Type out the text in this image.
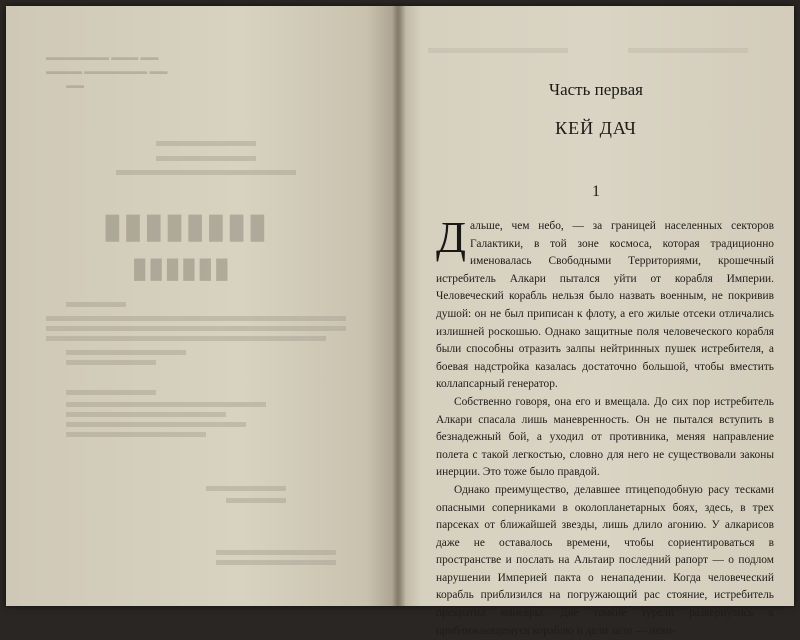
▬▬ ▬▬▬ ▬▬▬▬▬▬▬
▬▬ ▬▬▬▬▬▬▬ ▬▬▬▬
▬▬
▮▮▮▮▮▮▮▮
▮▮▮▮▮▮
Часть первая
КЕЙ ДАЧ
1

Дальше, чем небо, — за границей населенных секторов Галактики, в той зоне космоса, которая традиционно именовалась Свободными Территориями, крошечный истребитель Алкари пытался уйти от корабля Империи. Человеческий корабль нельзя было назвать военным, не покривив душой: он не был приписан к флоту, а его жилые отсеки отличались излишней роскошью. Однако защитные поля человеческого корабля были способны отразить залпы нейтринных пушек истребителя, а боевая надстройка казалась достаточно большой, чтобы вместить коллапсарный генератор.

Собственно говоря, она его и вмещала. До сих пор истребитель Алкари спасала лишь маневренность. Он не пытался вступить в безнадежный бой, а уходил от противника, меняя направление полета с такой легкостью, словно для него не существовали законы инерции. Это тоже было правдой.

Однако преимущество, делавшее птицеподобную расу тесками опасными соперниками в околопланетарных боях, здесь, в трех парсеках от ближайшей звезды, лишь длило агонию. У алкарисов даже не оставалось времени, чтобы сориентироваться в пространстве и послать на Альтаир последний рапорт — о подлом нарушении Империей пакта о ненападении. Когда человеческий корабль приблизился на погружающий рас стояние, истребитель прекратил маневры. Две тонкие турели развернулись к приближающемуся кораблю и дали залп — неви-
